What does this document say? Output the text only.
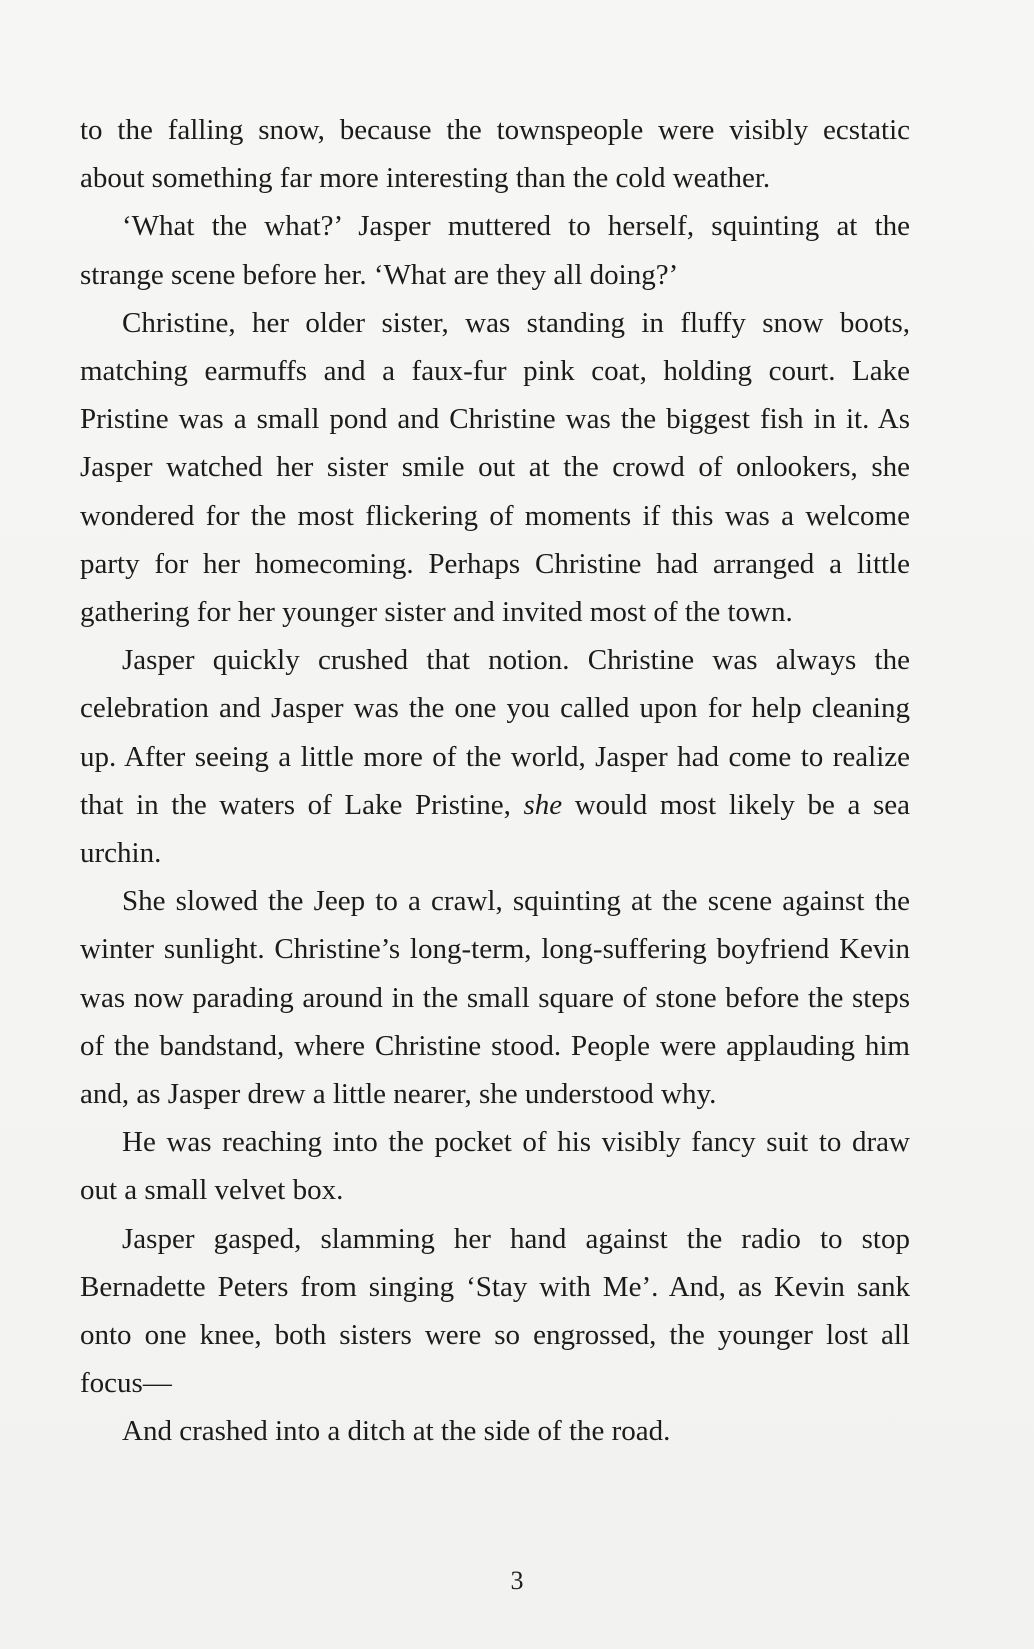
to the falling snow, because the townspeople were visibly ecstatic about something far more interesting than the cold weather.

‘What the what?’ Jasper muttered to herself, squinting at the strange scene before her. ‘What are they all doing?’

Christine, her older sister, was standing in fluffy snow boots, matching earmuffs and a faux-fur pink coat, holding court. Lake Pristine was a small pond and Christine was the biggest fish in it. As Jasper watched her sister smile out at the crowd of onlookers, she wondered for the most flickering of moments if this was a welcome party for her homecoming. Perhaps Christine had arranged a little gathering for her younger sister and invited most of the town.

Jasper quickly crushed that notion. Christine was always the celebration and Jasper was the one you called upon for help cleaning up. After seeing a little more of the world, Jasper had come to realize that in the waters of Lake Pristine, she would most likely be a sea urchin.

She slowed the Jeep to a crawl, squinting at the scene against the winter sunlight. Christine’s long-term, long-suffering boyfriend Kevin was now parading around in the small square of stone before the steps of the bandstand, where Christine stood. People were applauding him and, as Jasper drew a little nearer, she understood why.

He was reaching into the pocket of his visibly fancy suit to draw out a small velvet box.

Jasper gasped, slamming her hand against the radio to stop Bernadette Peters from singing ‘Stay with Me’. And, as Kevin sank onto one knee, both sisters were so engrossed, the younger lost all focus—

And crashed into a ditch at the side of the road.

3
